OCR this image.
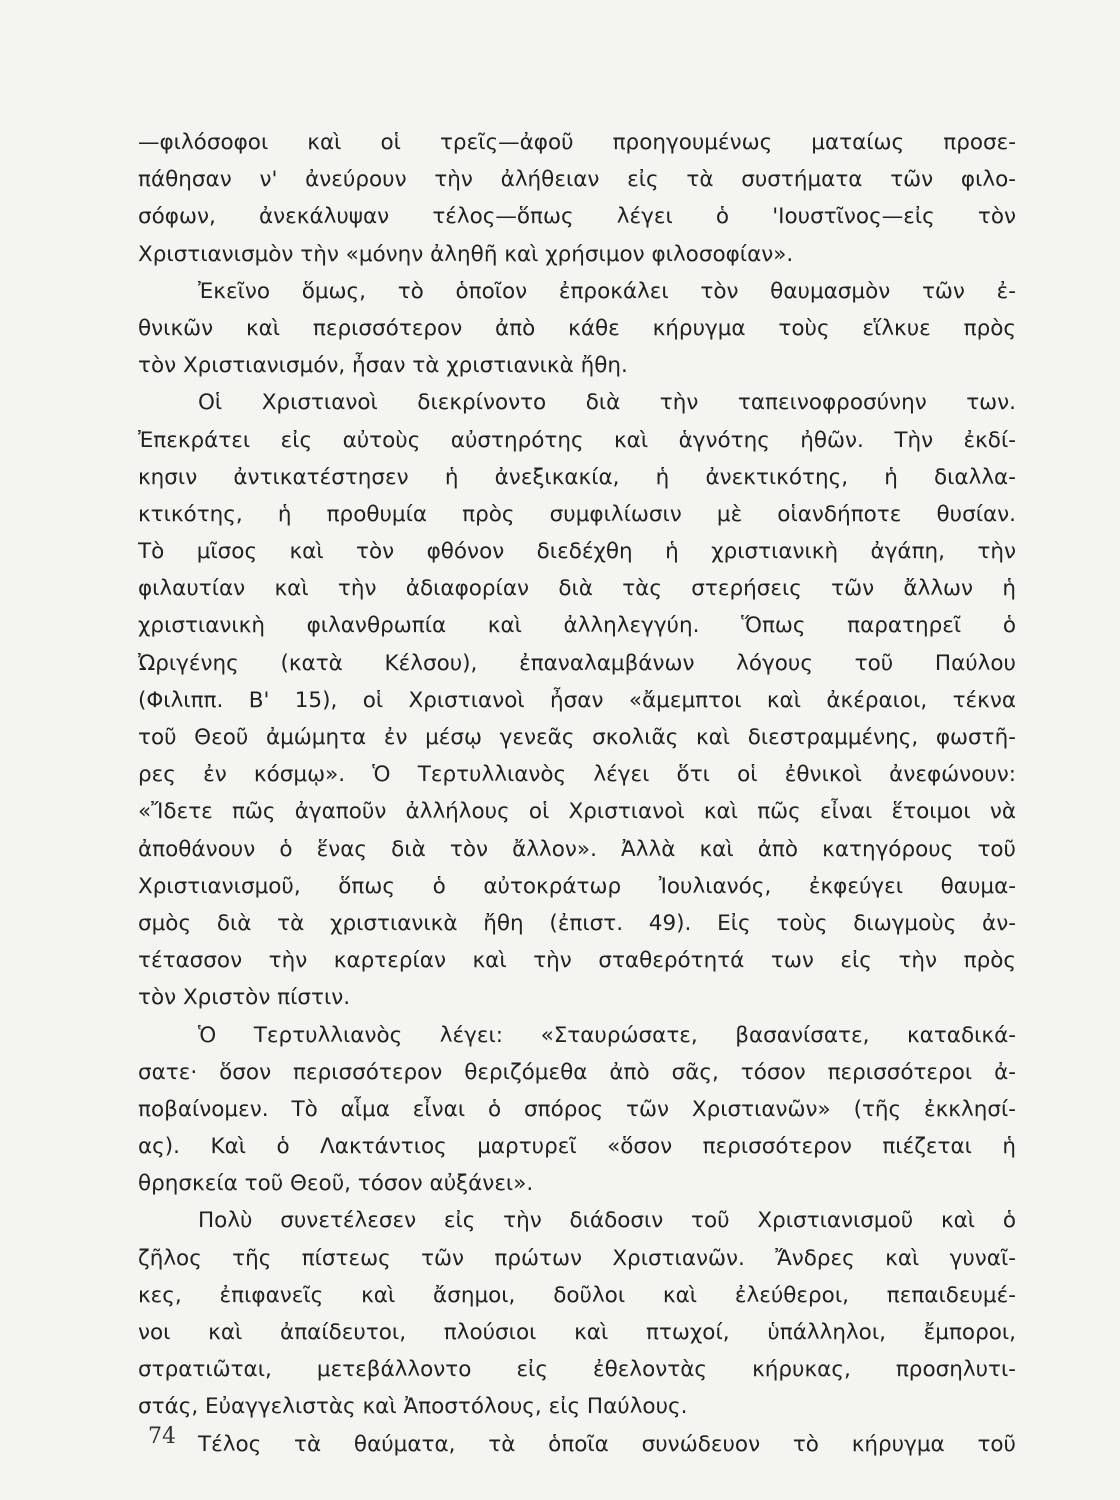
—φιλόσοφοι καὶ οἱ τρεῖς—ἀφοῦ προηγουμένως ματαίως προσε-
πάθησαν ν' ἀνεύρουν τὴν ἀλήθειαν εἰς τὰ συστήματα τῶν φιλο-
σόφων, ἀνεκάλυψαν τέλος—ὅπως λέγει ὁ 'Ιουστῖνος—εἰς τὸν
Χριστιανισμὸν τὴν «μόνην ἀληθῆ καὶ χρήσιμον φιλοσοφίαν».
Ἐκεῖνο ὅμως, τὸ ὁποῖον ἐπροκάλει τὸν θαυμασμὸν τῶν ἐ-
θνικῶν καὶ περισσότερον ἀπὸ κάθε κήρυγμα τοὺς εἵλκυε πρὸς
τὸν Χριστιανισμόν, ἦσαν τὰ χριστιανικὰ ἤθη.
Οἱ Χριστιανοὶ διεκρίνοντο διὰ τὴν ταπεινοφροσύνην των.
Ἐπεκράτει εἰς αὐτοὺς αὐστηρότης καὶ ἁγνότης ἠθῶν. Τὴν ἐκδί-
κησιν ἀντικατέστησεν ἡ ἀνεξικακία, ἡ ἀνεκτικότης, ἡ διαλλα-
κτικότης, ἡ προθυμία πρὸς συμφιλίωσιν μὲ οἱανδήποτε θυσίαν.
Τὸ μῖσος καὶ τὸν φθόνον διεδέχθη ἡ χριστιανικὴ ἀγάπη, τὴν
φιλαυτίαν καὶ τὴν ἀδιαφορίαν διὰ τὰς στερήσεις τῶν ἄλλων ἡ
χριστιανικὴ φιλανθρωπία καὶ ἀλληλεγγύη. Ὅπως παρατηρεῖ ὁ
Ὠριγένης (κατὰ Κέλσου), ἐπαναλαμβάνων λόγους τοῦ Παύλου
(Φιλιππ. Β' 15), οἱ Χριστιανοὶ ἦσαν «ἄμεμπτοι καὶ ἀκέραιοι, τέκνα
τοῦ Θεοῦ ἀμώμητα ἐν μέσῳ γενεᾶς σκολιᾶς καὶ διεστραμμένης, φωστῆ-
ρες ἐν κόσμῳ». Ὁ Τερτυλλιανὸς λέγει ὅτι οἱ ἐθνικοὶ ἀνεφώνουν:
«Ἴδετε πῶς ἀγαποῦν ἀλλήλους οἱ Χριστιανοὶ καὶ πῶς εἶναι ἕτοιμοι νὰ
ἀποθάνουν ὁ ἕνας διὰ τὸν ἄλλον». Ἀλλὰ καὶ ἀπὸ κατηγόρους τοῦ
Χριστιανισμοῦ, ὅπως ὁ αὐτοκράτωρ Ἰουλιανός, ἐκφεύγει θαυμα-
σμὸς διὰ τὰ χριστιανικὰ ἤθη (ἐπιστ. 49). Εἰς τοὺς διωγμοὺς ἀν-
τέτασσον τὴν καρτερίαν καὶ τὴν σταθερότητά των εἰς τὴν πρὸς
τὸν Χριστὸν πίστιν.
Ὁ Τερτυλλιανὸς λέγει: «Σταυρώσατε, βασανίσατε, καταδικά-
σατε· ὅσον περισσότερον θεριζόμεθα ἀπὸ σᾶς, τόσον περισσότεροι ἀ-
ποβαίνομεν. Τὸ αἷμα εἶναι ὁ σπόρος τῶν Χριστιανῶν» (τῆς ἐκκλησί-
ας). Καὶ ὁ Λακτάντιος μαρτυρεῖ «ὅσον περισσότερον πιέζεται ἡ
θρησκεία τοῦ Θεοῦ, τόσον αὐξάνει».
Πολὺ συνετέλεσεν εἰς τὴν διάδοσιν τοῦ Χριστιανισμοῦ καὶ ὁ
ζῆλος τῆς πίστεως τῶν πρώτων Χριστιανῶν. Ἄνδρες καὶ γυναῖ-
κες, ἐπιφανεῖς καὶ ἄσημοι, δοῦλοι καὶ ἐλεύθεροι, πεπαιδευμέ-
νοι καὶ ἀπαίδευτοι, πλούσιοι καὶ πτωχοί, ὑπάλληλοι, ἔμποροι,
στρατιῶται, μετεβάλλοντο εἰς ἐθελοντὰς κήρυκας, προσηλυτι-
στάς, Εὐαγγελιστὰς καὶ Ἀποστόλους, εἰς Παύλους.
Τέλος τὰ θαύματα, τὰ ὁποῖα συνώδευον τὸ κήρυγμα τοῦ
74
